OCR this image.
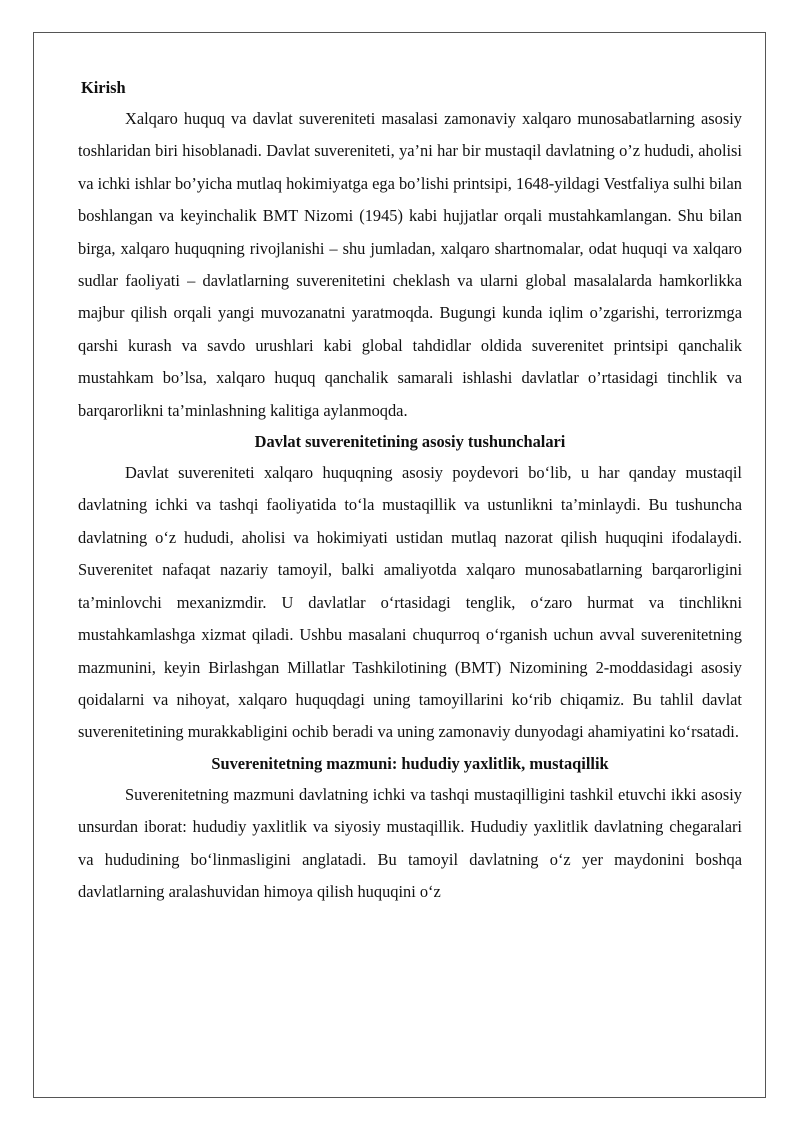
Kirish

Xalqaro huquq va davlat suvereniteti masalasi zamonaviy xalqaro munosabatlarning asosiy toshlaridan biri hisoblanadi. Davlat suvereniteti, ya’ni har bir mustaqil davlatning o’z hududi, aholisi va ichki ishlar bo’yicha mutlaq hokimiyatga ega bo’lishi printsipi, 1648-yildagi Vestfaliya sulhi bilan boshlangan va keyinchalik BMT Nizomi (1945) kabi hujjatlar orqali mustahkamlangan. Shu bilan birga, xalqaro huquqning rivojlanishi – shu jumladan, xalqaro shartnomalar, odat huquqi va xalqaro sudlar faoliyati – davlatlarning suverenitetini cheklash va ularni global masalalarda hamkorlikka majbur qilish orqali yangi muvozanatni yaratmoqda. Bugungi kunda iqlim o’zgarishi, terrorizmga qarshi kurash va savdo urushlari kabi global tahdidlar oldida suverenitet printsipi qanchalik mustahkam bo’lsa, xalqaro huquq qanchalik samarali ishlashi davlatlar o’rtasidagi tinchlik va barqarorlikni ta’minlashning kalitiga aylanmoqda.

Davlat suverenitetining asosiy tushunchalari

Davlat suvereniteti xalqaro huquqning asosiy poydevori bo‘lib, u har qanday mustaqil davlatning ichki va tashqi faoliyatida to‘la mustaqillik va ustunlikni ta’minlaydi. Bu tushuncha davlatning o‘z hududi, aholisi va hokimiyati ustidan mutlaq nazorat qilish huquqini ifodalaydi. Suverenitet nafaqat nazariy tamoyil, balki amaliyotda xalqaro munosabatlarning barqarorligini ta’minlovchi mexanizmdir. U davlatlar o‘rtasidagi tenglik, o‘zaro hurmat va tinchlikni mustahkamlashga xizmat qiladi. Ushbu masalani chuqurroq o‘rganish uchun avval suverenitetning mazmunini, keyin Birlashgan Millatlar Tashkilotining (BMT) Nizomining 2-moddasidagi asosiy qoidalarni va nihoyat, xalqaro huquqdagi uning tamoyillarini ko‘rib chiqamiz. Bu tahlil davlat suverenitetining murakkabligini ochib beradi va uning zamonaviy dunyodagi ahamiyatini ko‘rsatadi.

Suverenitetning mazmuni: hududiy yaxlitlik, mustaqillik

Suverenitetning mazmuni davlatning ichki va tashqi mustaqilligini tashkil etuvchi ikki asosiy unsurdan iborat: hududiy yaxlitlik va siyosiy mustaqillik. Hududiy yaxlitlik davlatning chegaralari va hududining bo‘linmasligini anglatadi. Bu tamoyil davlatning o‘z yer maydonini boshqa davlatlarning aralashuvidan himoya qilish huquqini o‘z
